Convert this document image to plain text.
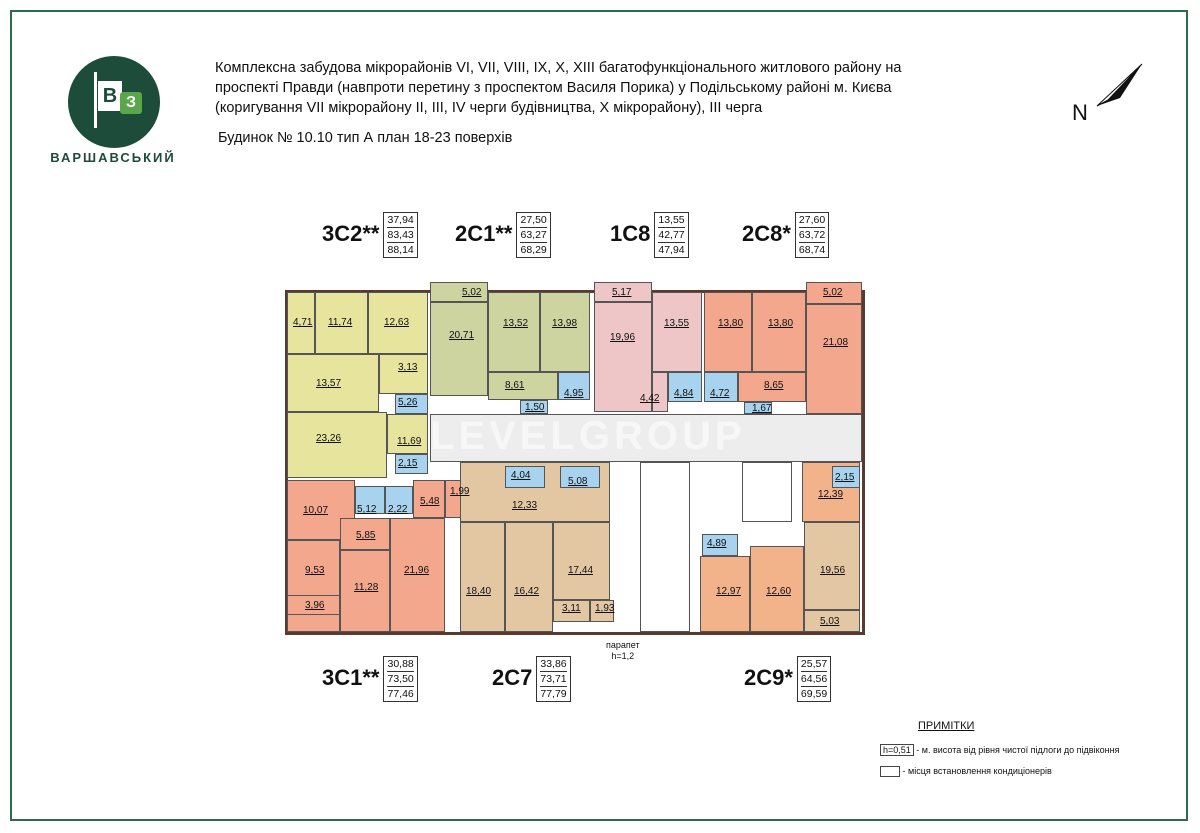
В З
ВАРШАВСЬКИЙ
Комплексна забудова мікрорайонів VI, VII, VIII, IX, X, XIII багатофункціонального житлового району на
проспекті Правди (навпроти перетину з проспектом Василя Порика) у Подільському районі м. Києва
(коригування VII мікрорайону II, III, IV черги будівництва, X мікрорайону), III черга
Будинок № 10.10 тип А план 18-23 поверхів
N
LEVELGROUP
4,71 11,74	12,63
3,13
13,57
5,26
23,26	11,69
2,15
5,02
20,71
13,52 13,98
8,61
4,95
1,50
5,17
19,96
13,55
4,42 4,84
13,80 13,80
5,02
21,08
4,72
8,65
1,67
10,07	5,12 2,22
5,48
1,99
5,85
9,53
11,28
21,96
3,96
4,04
5,08
12,33
18,40 16,42
17,44
3,11 1,93
2,15
12,39
4,89
12,97 12,60
19,56
5,03
3С2**
37,94
83,43
88,14
2С1**
27,50
63,27
68,29
1С8
13,55
42,77
47,94
2С8*
27,60
63,72
68,74
3С1**
30,88
73,50
77,46
2С7
33,86
73,71
77,79
2С9*
25,57
64,56
69,59
парапет
h=1,2
ПРИМІТКИ
h=0,51 - м. висота від рівня чистої підлоги до підвіконня
- місця встановлення кондиціонерів
